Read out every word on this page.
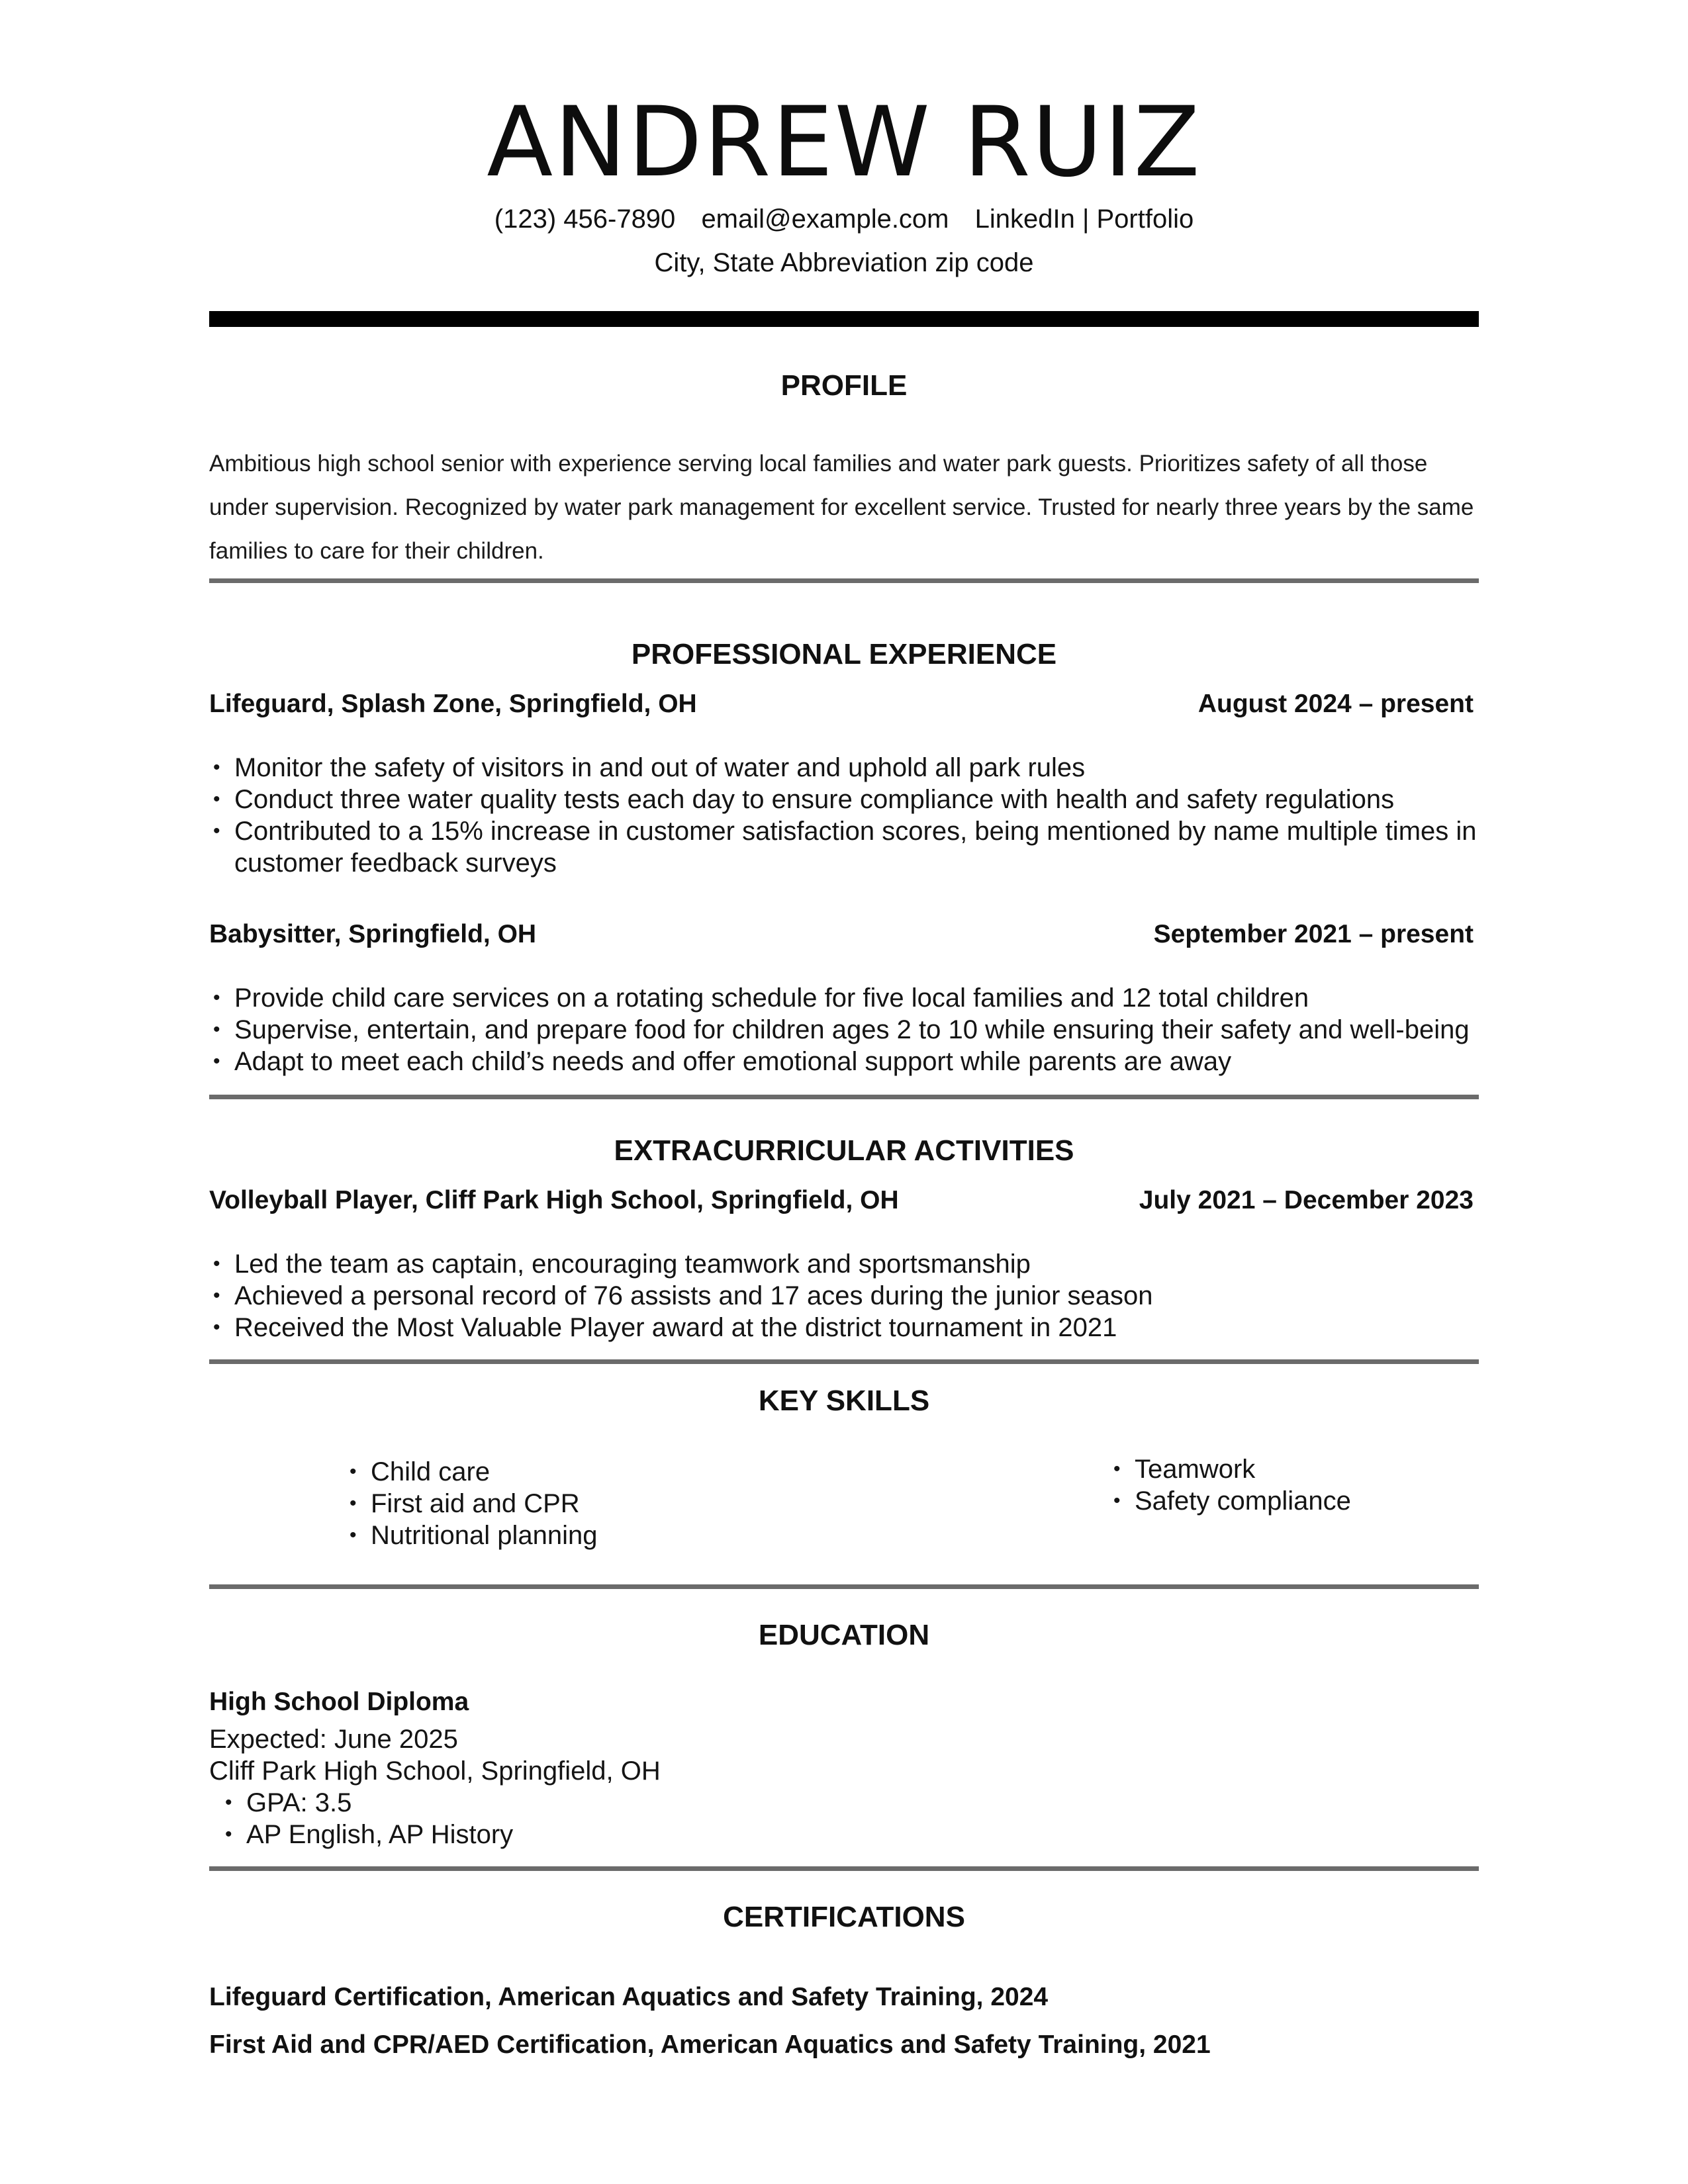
ANDREW RUIZ
(123) 456-7890 email@example.com LinkedIn | Portfolio
City, State Abbreviation zip code
PROFILE
Ambitious high school senior with experience serving local families and water park guests. Prioritizes safety of all those under supervision. Recognized by water park management for excellent service. Trusted for nearly three years by the same families to care for their children.
PROFESSIONAL EXPERIENCE
Lifeguard, Splash Zone, Springfield, OH	August 2024 – present
• Monitor the safety of visitors in and out of water and uphold all park rules
• Conduct three water quality tests each day to ensure compliance with health and safety regulations
• Contributed to a 15% increase in customer satisfaction scores, being mentioned by name multiple times in customer feedback surveys
Babysitter, Springfield, OH	September 2021 – present
• Provide child care services on a rotating schedule for five local families and 12 total children
• Supervise, entertain, and prepare food for children ages 2 to 10 while ensuring their safety and well-being
• Adapt to meet each child’s needs and offer emotional support while parents are away
EXTRACURRICULAR ACTIVITIES
Volleyball Player, Cliff Park High School, Springfield, OH	July 2021 – December 2023
• Led the team as captain, encouraging teamwork and sportsmanship
• Achieved a personal record of 76 assists and 17 aces during the junior season
• Received the Most Valuable Player award at the district tournament in 2021
KEY SKILLS
• Child care
• First aid and CPR
• Nutritional planning
• Teamwork
• Safety compliance
EDUCATION
High School Diploma
Expected: June 2025
Cliff Park High School, Springfield, OH
• GPA: 3.5
• AP English, AP History
CERTIFICATIONS
Lifeguard Certification, American Aquatics and Safety Training, 2024
First Aid and CPR/AED Certification, American Aquatics and Safety Training, 2021
